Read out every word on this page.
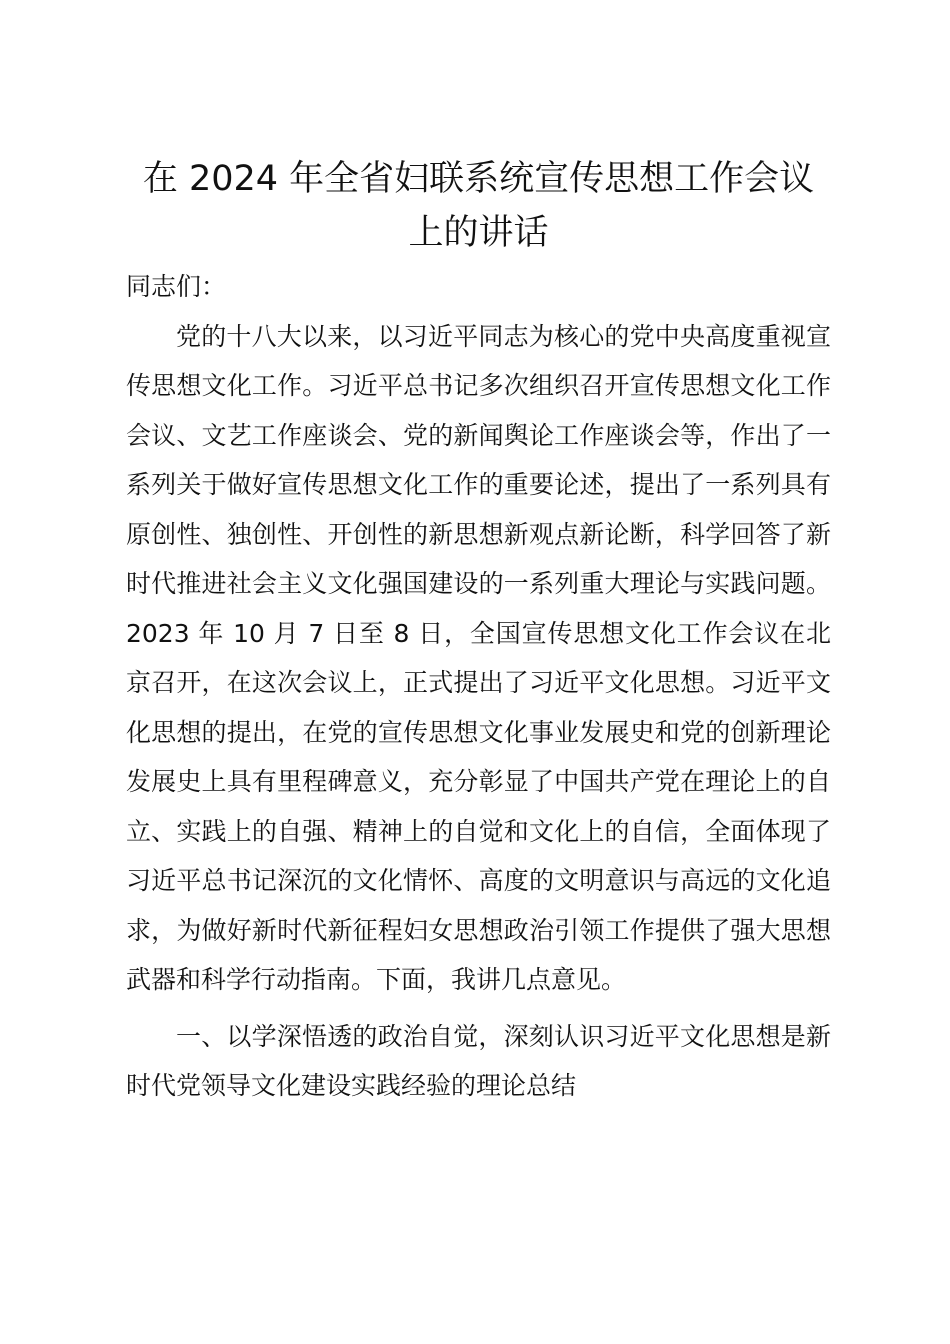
在 2024 年全省妇联系统宣传思想工作会议上的讲话

同志们：

党的十八大以来，以习近平同志为核心的党中央高度重视宣传思想文化工作。习近平总书记多次组织召开宣传思想文化工作会议、文艺工作座谈会、党的新闻舆论工作座谈会等，作出了一系列关于做好宣传思想文化工作的重要论述，提出了一系列具有原创性、独创性、开创性的新思想新观点新论断，科学回答了新时代推进社会主义文化强国建设的一系列重大理论与实践问题。2023 年 10 月 7 日至 8 日，全国宣传思想文化工作会议在北京召开，在这次会议上，正式提出了习近平文化思想。习近平文化思想的提出，在党的宣传思想文化事业发展史和党的创新理论发展史上具有里程碑意义，充分彰显了中国共产党在理论上的自立、实践上的自强、精神上的自觉和文化上的自信，全面体现了习近平总书记深沉的文化情怀、高度的文明意识与高远的文化追求，为做好新时代新征程妇女思想政治引领工作提供了强大思想武器和科学行动指南。下面，我讲几点意见。

一、以学深悟透的政治自觉，深刻认识习近平文化思想是新时代党领导文化建设实践经验的理论总结
